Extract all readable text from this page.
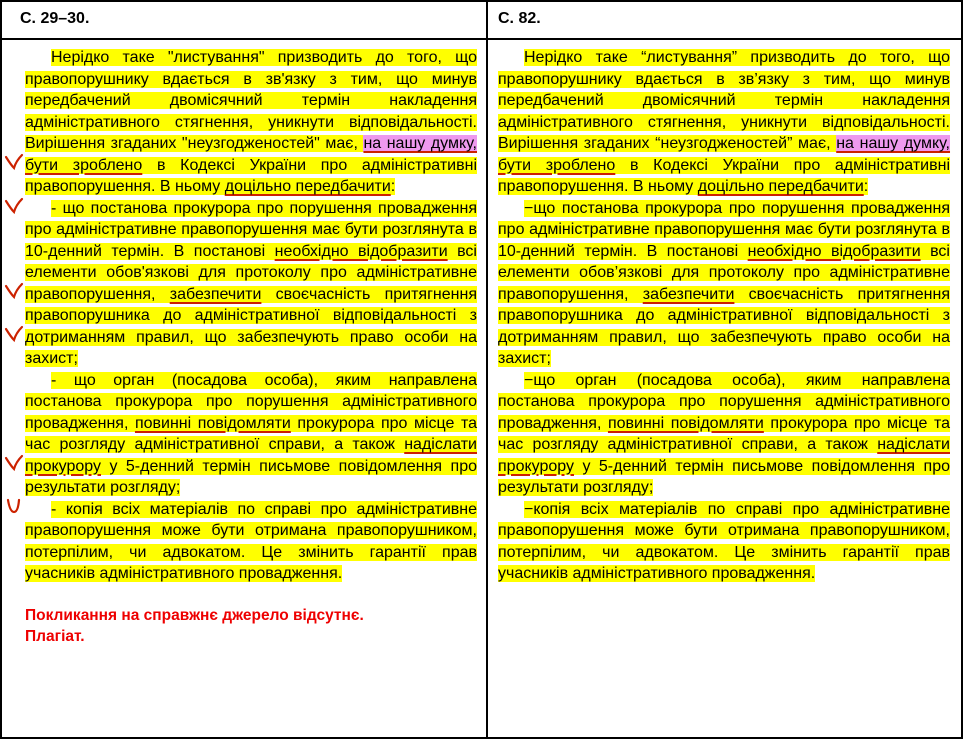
С. 29–30.	С. 82.

Нерідко таке "листування" призводить до того, що правопорушнику вдається в зв'язку з тим, що минув передбачений двомісячний термін накладення адміністративного стягнення, уникнути відповідальності. Вирішення згаданих "неузгодженостей" має, на нашу думку, бути зроблено в Кодексі України про адміністративні правопорушення. В ньому доцільно передбачити:

- що постанова прокурора про порушення провадження про адміністративне правопорушення має бути розглянута в 10-денний термін. В постанові необхідно відобразити всі елементи обов'язкові для протоколу про адміністративне правопорушення, забезпечити своєчасність притягнення правопорушника до адміністративної відповідальності з дотриманням правил, що забезпечують право особи на захист;

- що орган (посадова особа), яким направлена постанова прокурора про порушення адміністративного провадження, повинні повідомляти прокурора про місце та час розгляду адміністративної справи, а також надіслати прокурору у 5-денний термін письмове повідомлення про результати розгляду;

- копія всіх матеріалів по справі про адміністративне правопорушення може бути отримана правопорушником, потерпілим, чи адвокатом. Це змінить гарантії прав учасників адміністративного провадження.

Покликання на справжнє джерело відсутнє.
Плагіат.

Нерідко таке “листування” призводить до того, що правопорушнику вдається в зв’язку з тим, що минув передбачений двомісячний термін накладення адміністративного стягнення, уникнути відповідальності. Вирішення згаданих “неузгодженостей” має, на нашу думку, бути зроблено в Кодексі України про адміністративні правопорушення. В ньому доцільно передбачити:

−що постанова прокурора про порушення провадження про адміністративне правопорушення має бути розглянута в 10-денний термін. В постанові необхідно відобразити всі елементи обов’язкові для протоколу про адміністративне правопорушення, забезпечити своєчасність притягнення правопорушника до адміністративної відповідальності з дотриманням правил, що забезпечують право особи на захист;

−що орган (посадова особа), яким направлена постанова прокурора про порушення адміністративного провадження, повинні повідомляти прокурора про місце та час розгляду адміністративної справи, а також надіслати прокурору у 5-денний термін письмове повідомлення про результати розгляду;

−копія всіх матеріалів по справі про адміністративне правопорушення може бути отримана правопорушником, потерпілим, чи адвокатом. Це змінить гарантії прав учасників адміністративного провадження.
